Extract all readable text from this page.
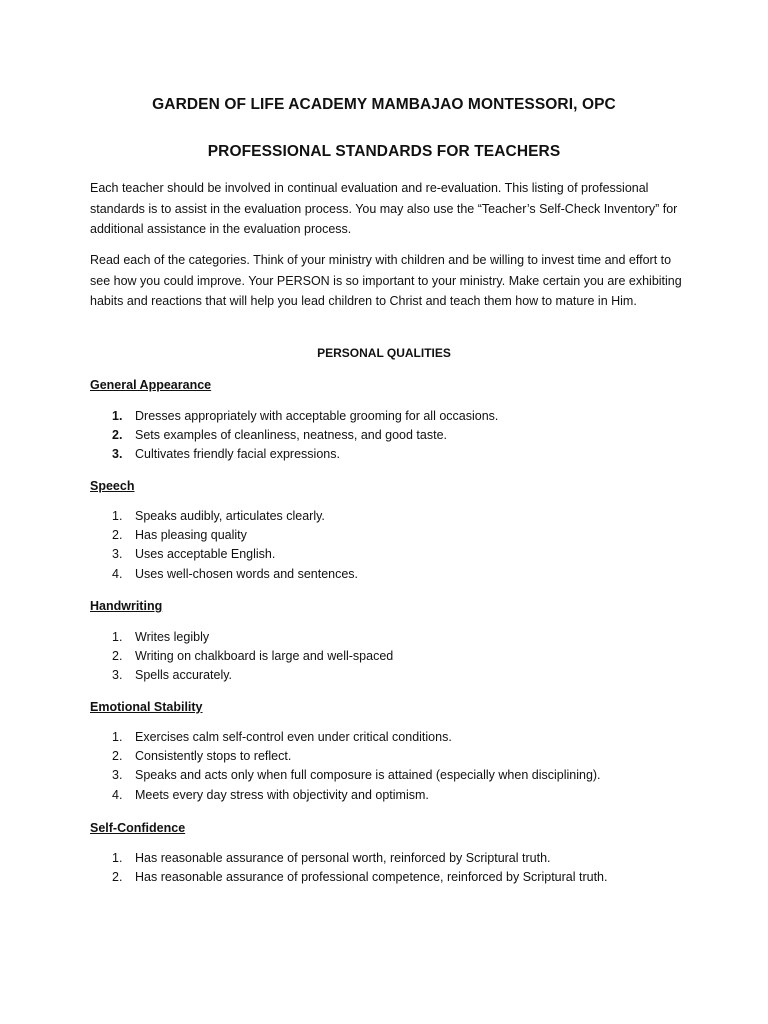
GARDEN OF LIFE ACADEMY MAMBAJAO MONTESSORI, OPC
PROFESSIONAL STANDARDS FOR TEACHERS
Each teacher should be involved in continual evaluation and re-evaluation. This listing of professional standards is to assist in the evaluation process. You may also use the “Teacher’s Self-Check Inventory” for additional assistance in the evaluation process.
Read each of the categories. Think of your ministry with children and be willing to invest time and effort to see how you could improve. Your PERSON is so important to your ministry. Make certain you are exhibiting habits and reactions that will help you lead children to Christ and teach them how to mature in Him.
PERSONAL QUALITIES
General Appearance
1. Dresses appropriately with acceptable grooming for all occasions.
2. Sets examples of cleanliness, neatness, and good taste.
3. Cultivates friendly facial expressions.
Speech
1. Speaks audibly, articulates clearly.
2. Has pleasing quality
3. Uses acceptable English.
4. Uses well-chosen words and sentences.
Handwriting
1. Writes legibly
2. Writing on chalkboard is large and well-spaced
3. Spells accurately.
Emotional Stability
1. Exercises calm self-control even under critical conditions.
2. Consistently stops to reflect.
3. Speaks and acts only when full composure is attained (especially when disciplining).
4. Meets every day stress with objectivity and optimism.
Self-Confidence
1. Has reasonable assurance of personal worth, reinforced by Scriptural truth.
2. Has reasonable assurance of professional competence, reinforced by Scriptural truth.
